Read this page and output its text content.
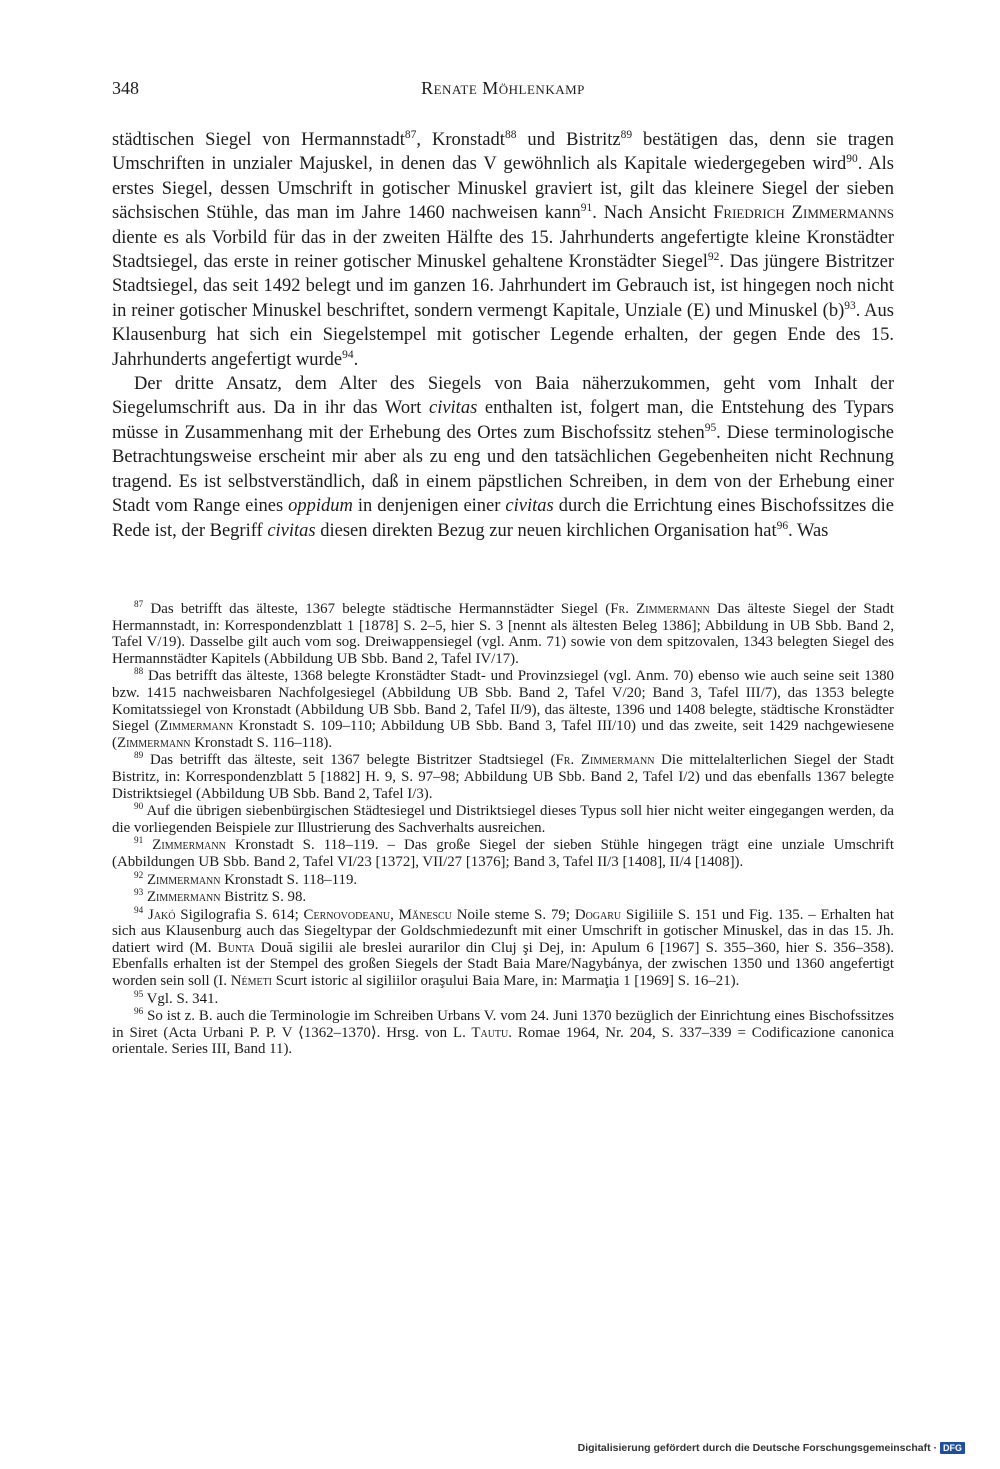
348	Renate Möhlenkamp

städtischen Siegel von Hermannstadt$^{87}$, Kronstadt$^{88}$ und Bistritz$^{89}$ bestätigen das, denn sie tragen Umschriften in unzialer Majuskel, in denen das V gewöhnlich als Kapitale wiedergegeben wird$^{90}$. Als erstes Siegel, dessen Umschrift in gotischer Minuskel graviert ist, gilt das kleinere Siegel der sieben sächsischen Stühle, das man im Jahre 1460 nachweisen kann$^{91}$. Nach Ansicht Friedrich Zimmermanns diente es als Vorbild für das in der zweiten Hälfte des 15. Jahrhunderts angefertigte kleine Kronstädter Stadtsiegel, das erste in reiner gotischer Minuskel gehaltene Kronstädter Siegel$^{92}$. Das jüngere Bistritzer Stadtsiegel, das seit 1492 belegt und im ganzen 16. Jahrhundert im Gebrauch ist, ist hingegen noch nicht in reiner gotischer Minuskel beschriftet, sondern vermengt Kapitale, Unziale (E) und Minuskel $(b)^{93}$. Aus Klausenburg hat sich ein Siegelstempel mit gotischer Legende erhalten, der gegen Ende des 15. Jahrhunderts angefertigt wurde$^{94}$.

Der dritte Ansatz, dem Alter des Siegels von Baia näherzukommen, geht vom Inhalt der Siegelumschrift aus. Da in ihr das Wort civitas enthalten ist, folgert man, die Entstehung des Typars müsse in Zusammenhang mit der Erhebung des Ortes zum Bischofssitz stehen$^{95}$. Diese terminologische Betrachtungsweise erscheint mir aber als zu eng und den tatsächlichen Gegebenheiten nicht Rechnung tragend. Es ist selbstverständlich, daß in einem päpstlichen Schreiben, in dem von der Erhebung einer Stadt vom Range eines oppidum in denjenigen einer civitas durch die Errichtung eines Bischofssitzes die Rede ist, der Begriff civitas diesen direkten Bezug zur neuen kirchlichen Organisation hat$^{96}$. Was

$^{87}$ Das betrifft das älteste, 1367 belegte städtische Hermannstädter Siegel (Fr. Zimmermann Das älteste Siegel der Stadt Hermannstadt, in: Korrespondenzblatt 1 [1878] S. 2–5, hier S. 3 [nennt als ältesten Beleg 1386]; Abbildung in UB Sbb. Band 2, Tafel V/19). Dasselbe gilt auch vom sog. Dreiwappensiegel (vgl. Anm. 71) sowie von dem spitzovalen, 1343 belegten Siegel des Hermannstädter Kapitels (Abbildung UB Sbb. Band 2, Tafel IV/17).

$^{88}$ Das betrifft das älteste, 1368 belegte Kronstädter Stadt- und Provinzsiegel (vgl. Anm. 70) ebenso wie auch seine seit 1380 bzw. 1415 nachweisbaren Nachfolgesiegel (Abbildung UB Sbb. Band 2, Tafel V/20; Band 3, Tafel III/7), das 1353 belegte Komitatssiegel von Kronstadt (Abbildung UB Sbb. Band 2, Tafel II/9), das älteste, 1396 und 1408 belegte, städtische Kronstädter Siegel (Zimmermann Kronstadt S. 109–110; Abbildung UB Sbb. Band 3, Tafel III/10) und das zweite, seit 1429 nachgewiesene (Zimmermann Kronstadt S. 116–118).

$^{89}$ Das betrifft das älteste, seit 1367 belegte Bistritzer Stadtsiegel (Fr. Zimmermann Die mittelalterlichen Siegel der Stadt Bistritz, in: Korrespondenzblatt 5 [1882] H. 9, S. 97–98; Abbildung UB Sbb. Band 2, Tafel I/2) und das ebenfalls 1367 belegte Distriktsiegel (Abbildung UB Sbb. Band 2, Tafel I/3).

$^{90}$ Auf die übrigen siebenbürgischen Städtesiegel und Distriktsiegel dieses Typus soll hier nicht weiter eingegangen werden, da die vorliegenden Beispiele zur Illustrierung des Sachverhalts ausreichen.

$^{91}$ Zimmermann Kronstadt S. 118–119. – Das große Siegel der sieben Stühle hingegen trägt eine unziale Umschrift (Abbildungen UB Sbb. Band 2, Tafel VI/23 [1372], VII/27 [1376]; Band 3, Tafel II/3 [1408], II/4 [1408]).

$^{92}$ Zimmermann Kronstadt S. 118–119.

$^{93}$ Zimmermann Bistritz S. 98.

$^{94}$ Jakó Sigilografia S. 614; Cernovodeanu, Mănescu Noile steme S. 79; Dogaru Sigiliile S. 151 und Fig. 135. – Erhalten hat sich aus Klausenburg auch das Siegeltypar der Goldschmiedezunft mit einer Umschrift in gotischer Minuskel, das in das 15. Jh. datiert wird (M. Bunta Două sigilii ale breslei aurarilor din Cluj şi Dej, in: Apulum 6 [1967] S. 355–360, hier S. 356–358). Ebenfalls erhalten ist der Stempel des großen Siegels der Stadt Baia Mare/Nagybánya, der zwischen 1350 und 1360 angefertigt worden sein soll (I. Németi Scurt istoric al sigiliilor oraşului Baia Mare, in: Marmaţia 1 [1969] S. 16–21).

$^{95}$ Vgl. S. 341.

$^{96}$ So ist z. B. auch die Terminologie im Schreiben Urbans V. vom 24. Juni 1370 bezüglich der Einrichtung eines Bischofssitzes in Siret (Acta Urbani P. P. V ⟨1362–1370⟩. Hrsg. von L. Tautu. Romae 1964, Nr. 204, S. 337–339 = Codificazione canonica orientale. Series III, Band 11).

Digitalisierung gefördert durch die Deutsche Forschungsgemeinschaft · DFG
